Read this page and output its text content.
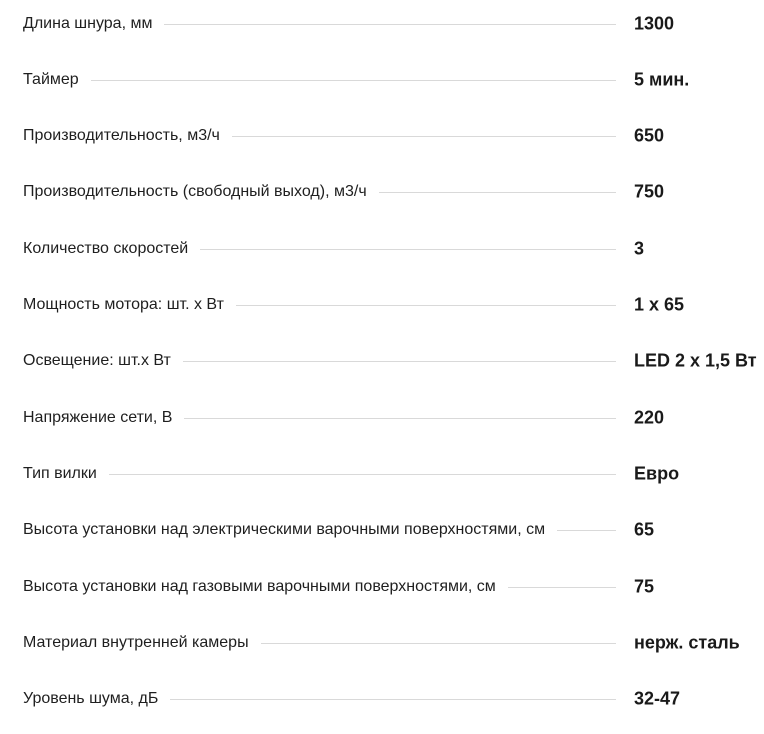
Длина шнура, мм	1300
Таймер	5 мин.
Производительность, м3/ч	650
Производительность (свободный выход), м3/ч	750
Количество скоростей	3
Мощность мотора: шт. х Вт	1 х 65
Освещение: шт.х Вт	LED 2 х 1,5 Вт
Напряжение сети, В	220
Тип вилки	Евро
Высота установки над электрическими варочными поверхностями, см	65
Высота установки над газовыми варочными поверхностями, см	75
Материал внутренней камеры	нерж. сталь
Уровень шума, дБ	32-47
